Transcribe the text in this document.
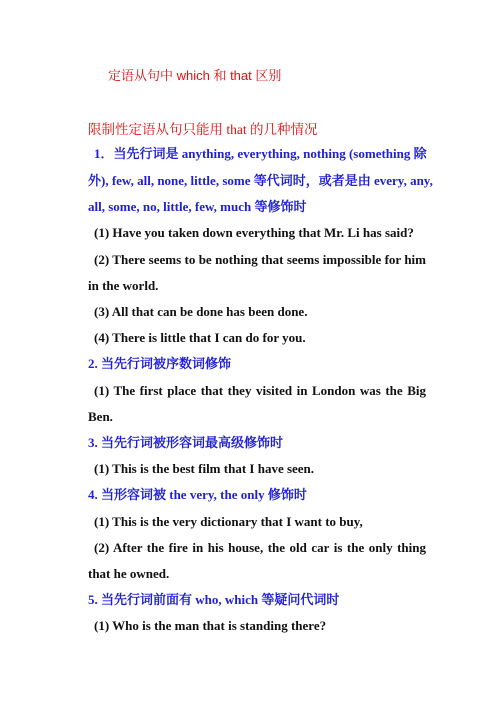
定语从句中 which 和 that 区别
限制性定语从句只能用 that 的几种情况
1．当先行词是 anything, everything, nothing (something 除
外), few, all, none, little, some 等代词时，或者是由 every, any,
all, some, no, little, few, much 等修饰时
(1) Have you taken down everything that Mr. Li has said?
(2) There seems to be nothing that seems impossible for him
in the world.
(3) All that can be done has been done.
(4) There is little that I can do for you.
2. 当先行词被序数词修饰
(1) The first place that they visited in London was the Big
Ben.
3. 当先行词被形容词最高级修饰时
(1) This is the best film that I have seen.
4. 当形容词被 the very, the only 修饰时
(1) This is the very dictionary that I want to buy,
(2) After the fire in his house, the old car is the only thing
that he owned.
5. 当先行词前面有 who, which 等疑问代词时
(1) Who is the man that is standing there?
